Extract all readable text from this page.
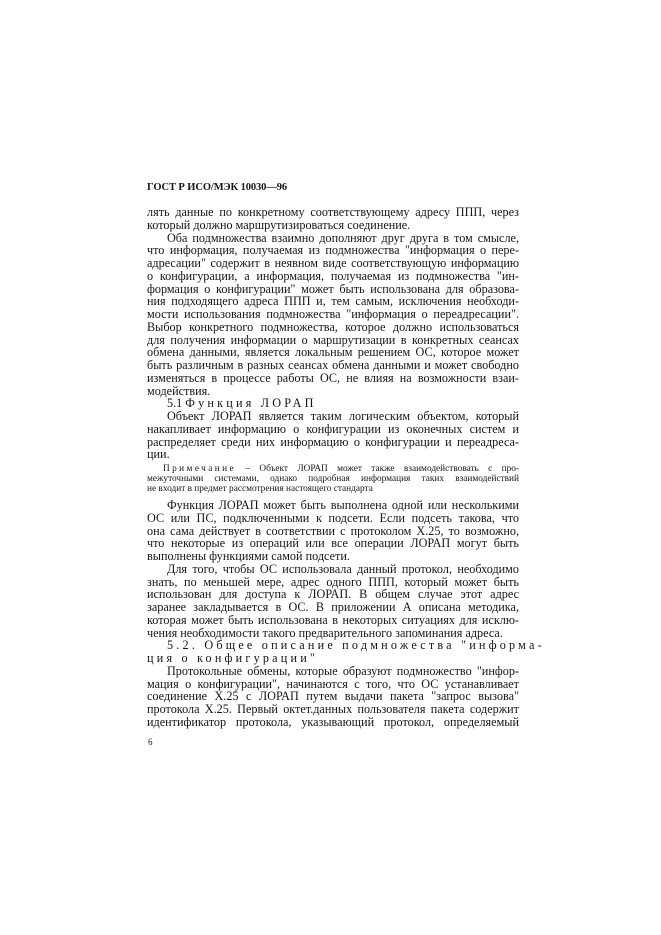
ГОСТ Р ИСО/МЭК 10030—96
лять данные по конкретному соответствующему адресу ППП, через
который должно маршрутизироваться соединение.
Оба подмножества взаимно дополняют друг друга в том смысле,
что информация, получаемая из подмножества "информация о пере-
адресации" содержит в неявном виде соответствующую информацию
о конфигурации, а информация, получаемая из подмножества "ин-
формация о конфигурации" может быть использована для образова-
ния подходящего адреса ППП и, тем самым, исключения необходи-
мости использования подмножества "информация о переадресации".
Выбор конкретного подмножества, которое должно использоваться
для получения информации о маршрутизации в конкретных сеансах
обмена данными, является локальным решением ОС, которое может
быть различным в разных сеансах обмена данными и может свободно
изменяться в процессе работы ОС, не влияя на возможности взаи-
модействия.
5.1 Функция ЛОРАП
Объект ЛОРАП является таким логическим объектом, который
накапливает информацию о конфигурации из оконечных систем и
распределяет среди них информацию о конфигурации и переадреса-
ции.
Примечание – Объект ЛОРАП может также взаимодействовать с про-
межуточными системами, однако подробная информация таких взаимодействий
не входит в предмет рассмотрения настоящего стандарта
Функция ЛОРАП может быть выполнена одной или несколькими
ОС или ПС, подключенными к подсети. Если подсеть такова, что
она сама действует в соответствии с протоколом X.25, то возможно,
что некоторые из операций или все операции ЛОРАП могут быть
выполнены функциями самой подсети.
Для того, чтобы ОС использовала данный протокол, необходимо
знать, по меньшей мере, адрес одного ППП, который может быть
использован для доступа к ЛОРАП. В общем случае этот адрес
заранее закладывается в ОС. В приложении А описана методика,
которая может быть использована в некоторых ситуациях для исклю-
чения необходимости такого предварительного запоминания адреса.
5.2. Общее описание подмножества "информа-
ция о конфигурации"
Протокольные обмены, которые образуют подмножество "инфор-
мация о конфигурации", начинаются с того, что ОС устанавливает
соединение X.25 с ЛОРАП путем выдачи пакета "запрос вызова"
протокола X.25. Первый октет.данных пользователя пакета содержит
идентификатор протокола, указывающий протокол, определяемый
6
